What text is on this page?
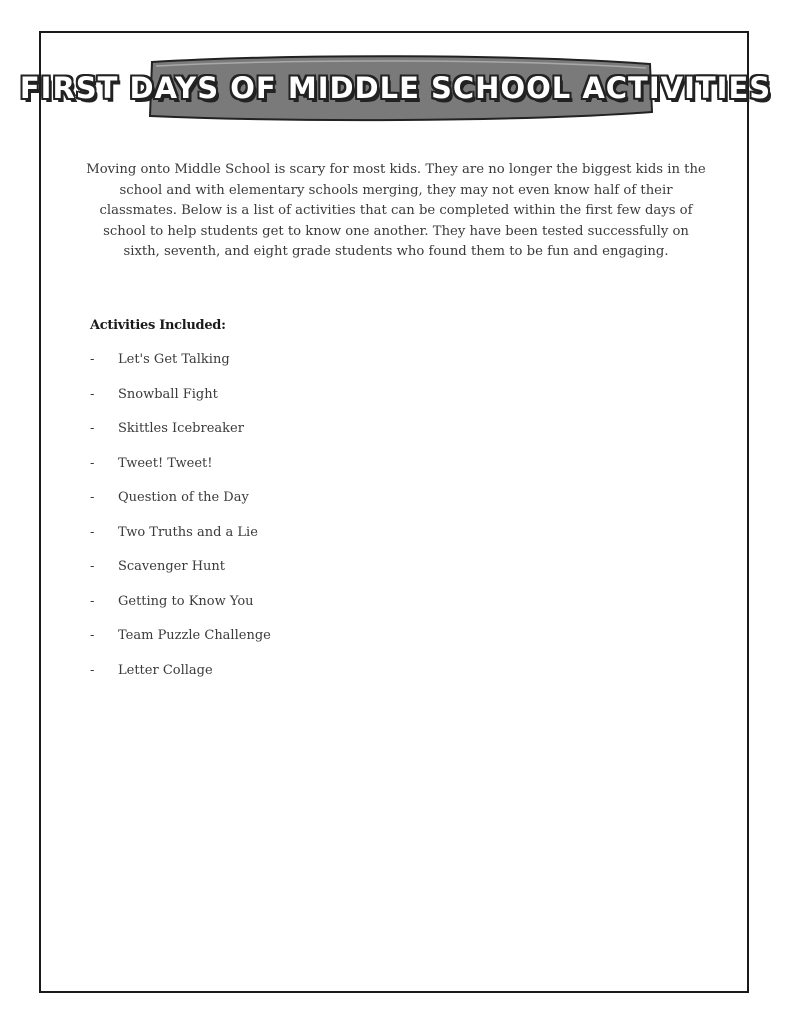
FIRST DAYS OF MIDDLE SCHOOL ACTIVITIES

Moving onto Middle School is scary for most kids. They are no longer the biggest kids in the school and with elementary schools merging, they may not even know half of their classmates. Below is a list of activities that can be completed within the first few days of school to help students get to know one another. They have been tested successfully on sixth, seventh, and eight grade students who found them to be fun and engaging.

Activities Included:

-	Let's Get Talking
-	Snowball Fight
-	Skittles Icebreaker
-	Tweet! Tweet!
-	Question of the Day
-	Two Truths and a Lie
-	Scavenger Hunt
-	Getting to Know You
-	Team Puzzle Challenge
-	Letter Collage
